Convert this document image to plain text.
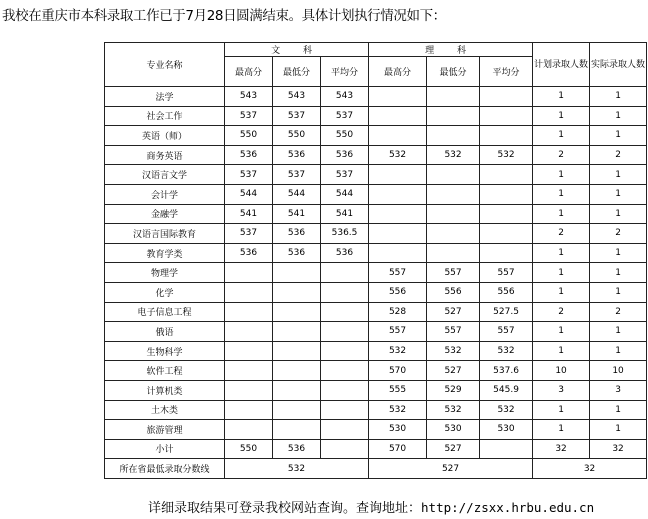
我校在重庆市本科录取工作已于7月28日圆满结束。具体计划执行情况如下：
专业名称	文 科			理 科			计划录取人数	实际录取人数
	最高分	最低分	平均分	最高分	最低分	平均分		
法学	543	543	543				1	1
社会工作	537	537	537				1	1
英语（师）	550	550	550				1	1
商务英语	536	536	536	532	532	532	2	2
汉语言文学	537	537	537				1	1
会计学	544	544	544				1	1
金融学	541	541	541				1	1
汉语言国际教育	537	536	536.5				2	2
教育学类	536	536	536				1	1
物理学				557	557	557	1	1
化学				556	556	556	1	1
电子信息工程				528	527	527.5	2	2
俄语				557	557	557	1	1
生物科学				532	532	532	1	1
软件工程				570	527	537.6	10	10
计算机类				555	529	545.9	3	3
土木类				532	532	532	1	1
旅游管理				530	530	530	1	1
小计	550	536		570	527		32	32
所在省最低录取分数线	532			527			32	
详细录取结果可登录我校网站查询。查询地址：http://zsxx.hrbu.edu.cn
